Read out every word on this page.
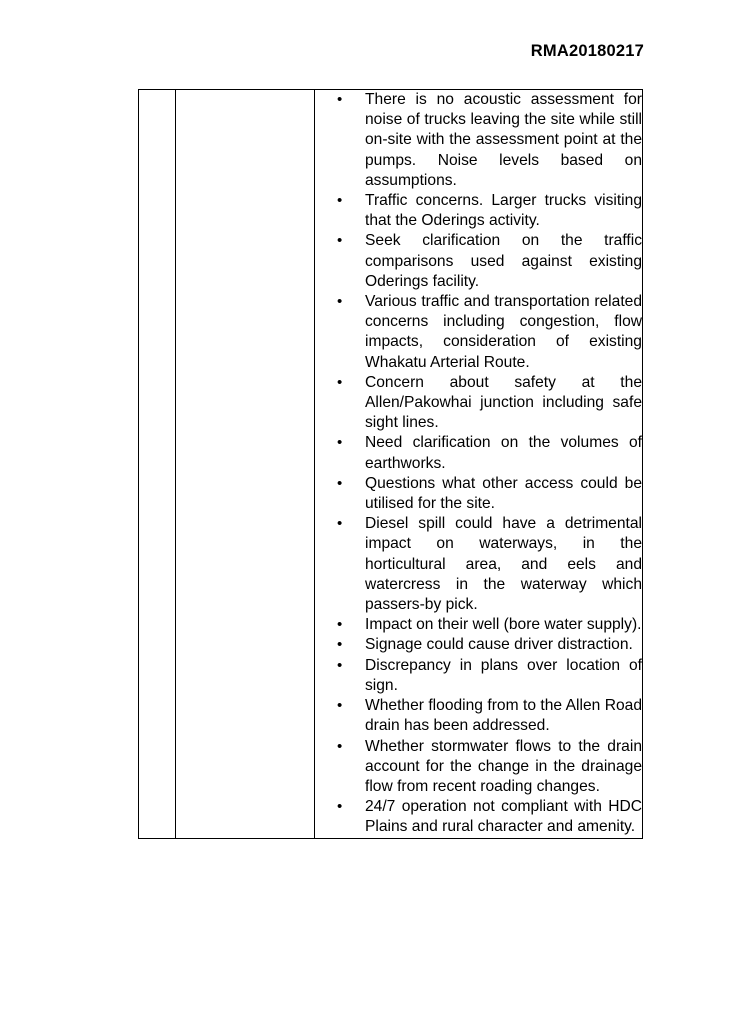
RMA20180217

• There is no acoustic assessment for noise of trucks leaving the site while still on-site with the assessment point at the pumps. Noise levels based on assumptions.
• Traffic concerns. Larger trucks visiting that the Oderings activity.
• Seek clarification on the traffic comparisons used against existing Oderings facility.
• Various traffic and transportation related concerns including congestion, flow impacts, consideration of existing Whakatu Arterial Route.
• Concern about safety at the Allen/Pakowhai junction including safe sight lines.
• Need clarification on the volumes of earthworks.
• Questions what other access could be utilised for the site.
• Diesel spill could have a detrimental impact on waterways, in the horticultural area, and eels and watercress in the waterway which passers-by pick.
• Impact on their well (bore water supply).
• Signage could cause driver distraction.
• Discrepancy in plans over location of sign.
• Whether flooding from to the Allen Road drain has been addressed.
• Whether stormwater flows to the drain account for the change in the drainage flow from recent roading changes.
• 24/7 operation not compliant with HDC Plains and rural character and amenity.
